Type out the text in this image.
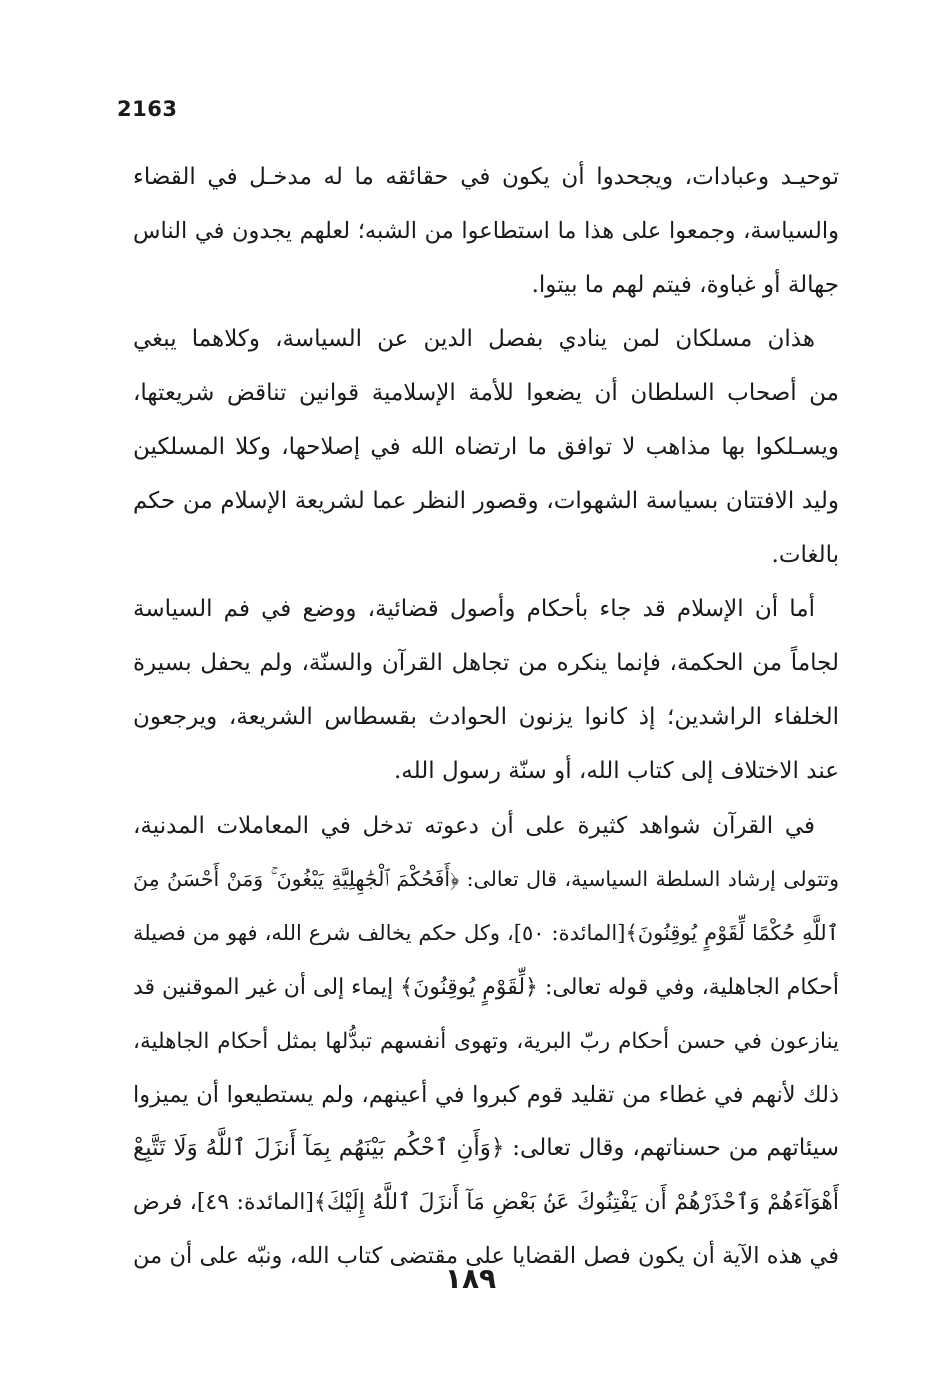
2163
توحيـد وعبادات، ويجحدوا أن يكون في حقائقه ما له مدخـل في القضاء
والسياسة، وجمعوا على هذا ما استطاعوا من الشبه؛ لعلهم يجدون في الناس
جهالة أو غباوة، فيتم لهم ما بيتوا.
هذان مسلكان لمن ينادي بفصل الدين عن السياسة، وكلاهما يبغي
من أصحاب السلطان أن يضعوا للأمة الإسلامية قوانين تناقض شريعتها،
ويسـلكوا بها مذاهب لا توافق ما ارتضاه الله في إصلاحها، وكلا المسلكين
وليد الافتتان بسياسة الشهوات، وقصور النظر عما لشريعة الإسلام من حكم
بالغات.
أما أن الإسلام قد جاء بأحكام وأصول قضائية، ووضع في فم السياسة
لجاماً من الحكمة، فإنما ينكره من تجاهل القرآن والسنّة، ولم يحفل بسيرة
الخلفاء الراشدين؛ إذ كانوا يزنون الحوادث بقسطاس الشريعة، ويرجعون
عند الاختلاف إلى كتاب الله، أو سنّة رسول الله.
في القرآن شواهد كثيرة على أن دعوته تدخل في المعاملات المدنية،
وتتولى إرشاد السلطة السياسية، قال تعالى: ﴿أَفَحُكْمَ ٱلْجَٰهِلِيَّةِ يَبْغُونَ ۚ وَمَنْ أَحْسَنُ مِنَ
ٱللَّهِ حُكْمًا لِّقَوْمٍ يُوقِنُونَ﴾[المائدة: ٥٠]، وكل حكم يخالف شرع الله، فهو من فصيلة
أحكام الجاهلية، وفي قوله تعالى: ﴿لِّقَوْمٍ يُوقِنُونَ﴾ إيماء إلى أن غير الموقنين قد
ينازعون في حسن أحكام ربّ البرية، وتهوى أنفسهم تبدُّلها بمثل أحكام الجاهلية،
ذلك لأنهم في غطاء من تقليد قوم كبروا في أعينهم، ولم يستطيعوا أن يميزوا
سيئاتهم من حسناتهم، وقال تعالى: ﴿وَأَنِ ٱحْكُم بَيْنَهُم بِمَآ أَنزَلَ ٱللَّهُ وَلَا تَتَّبِعْ
أَهْوَآءَهُمْ وَٱحْذَرْهُمْ أَن يَفْتِنُوكَ عَنۢ بَعْضِ مَآ أَنزَلَ ٱللَّهُ إِلَيْكَ﴾[المائدة: ٤٩]، فرض
في هذه الآية أن يكون فصل القضايا على مقتضى كتاب الله، ونبّه على أن من
١٨٩
